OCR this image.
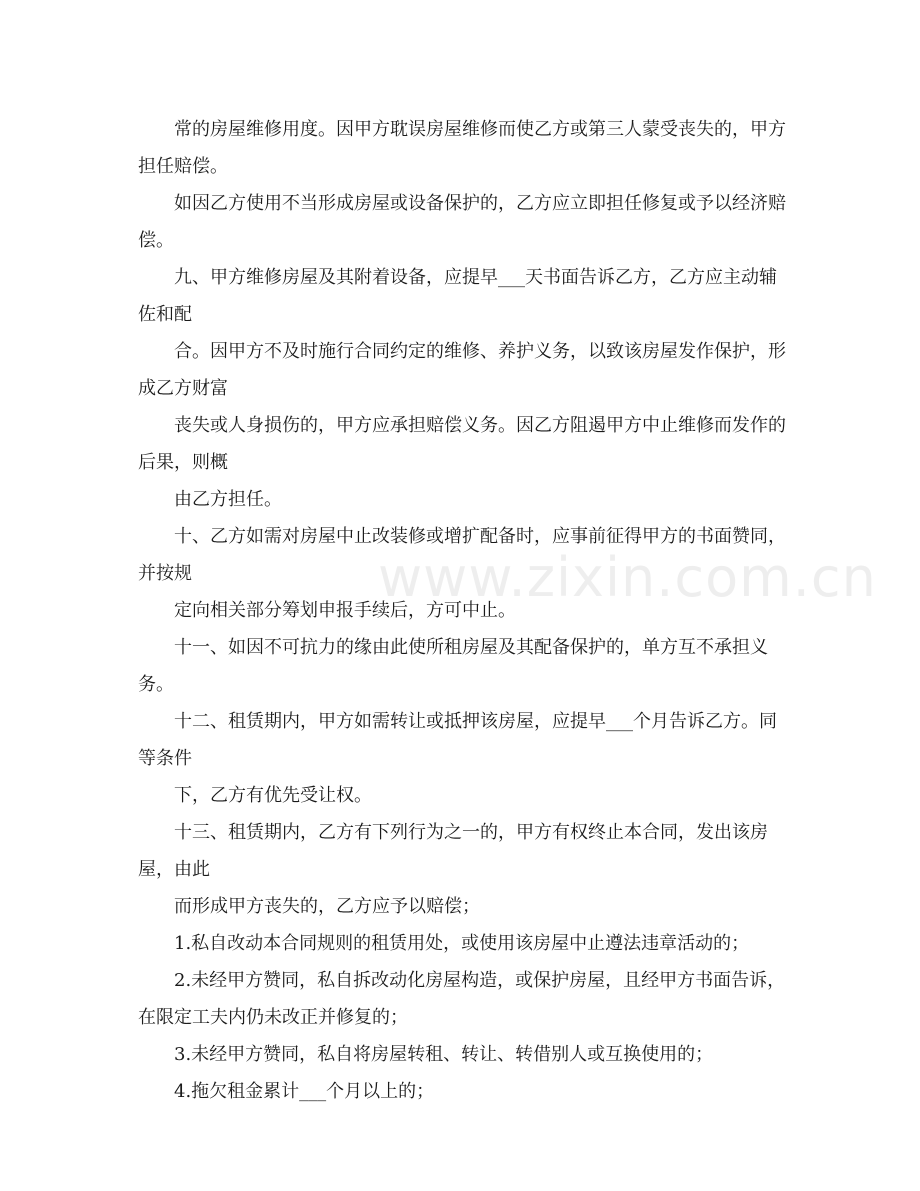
www.zixin.com.cn

常的房屋维修用度。因甲方耽误房屋维修而使乙方或第三人蒙受丧失的，甲方担任赔偿。

如因乙方使用不当形成房屋或设备保护的，乙方应立即担任修复或予以经济赔偿。

九、甲方维修房屋及其附着设备，应提早___天书面告诉乙方，乙方应主动辅佐和配

合。因甲方不及时施行合同约定的维修、养护义务，以致该房屋发作保护，形成乙方财富

丧失或人身损伤的，甲方应承担赔偿义务。因乙方阻遏甲方中止维修而发作的后果，则概

由乙方担任。

十、乙方如需对房屋中止改装修或增扩配备时，应事前征得甲方的书面赞同，并按规

定向相关部分筹划申报手续后，方可中止。

十一、如因不可抗力的缘由此使所租房屋及其配备保护的，单方互不承担义务。

十二、租赁期内，甲方如需转让或抵押该房屋，应提早___个月告诉乙方。同等条件

下，乙方有优先受让权。

十三、租赁期内，乙方有下列行为之一的，甲方有权终止本合同，发出该房屋，由此

而形成甲方丧失的，乙方应予以赔偿；

1.私自改动本合同规则的租赁用处，或使用该房屋中止遵法违章活动的；

2.未经甲方赞同，私自拆改动化房屋构造，或保护房屋，且经甲方书面告诉，在限定工夫内仍未改正并修复的；

3.未经甲方赞同，私自将房屋转租、转让、转借别人或互换使用的；

4.拖欠租金累计___个月以上的；
